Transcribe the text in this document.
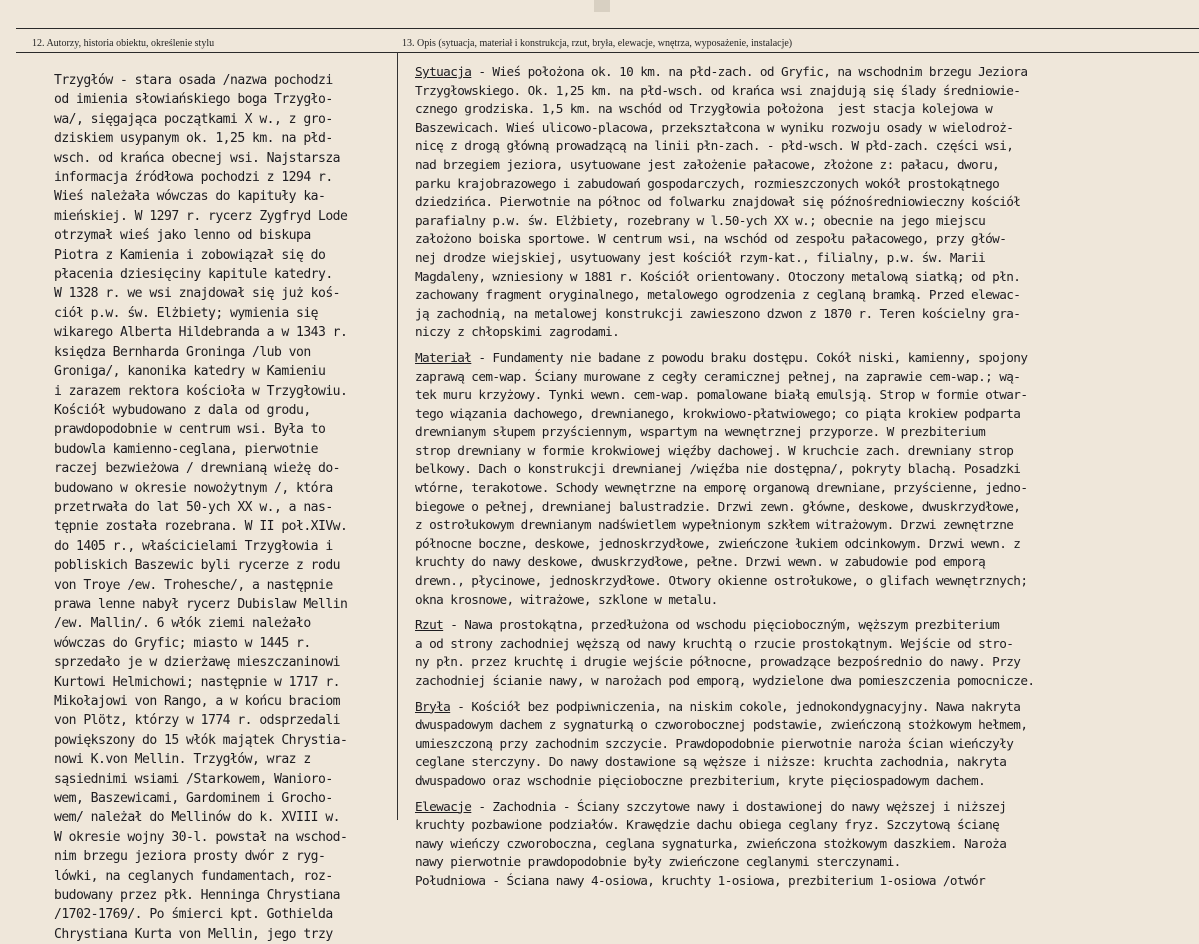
12. Autorzy, historia obiektu, określenie stylu	13. Opis (sytuacja, materiał i konstrukcja, rzut, bryła, elewacje, wnętrza, wyposażenie, instalacje)
Trzygłów - stara osada /nazwa pochodzi
od imienia słowiańskiego boga Trzygło-
wa/, sięgająca początkami X w., z gro-
dziskiem usypanym ok. 1,25 km. na płd-
wsch. od krańca obecnej wsi. Najstarsza
informacja źródłowa pochodzi z 1294 r.
Wieś należała wówczas do kapituły ka-
mieńskiej. W 1297 r. rycerz Zygfryd Lode
otrzymał wieś jako lenno od biskupa
Piotra z Kamienia i zobowiązał się do
płacenia dziesięciny kapitule katedry.
W 1328 r. we wsi znajdował się już koś-
ciół p.w. św. Elżbiety; wymienia się
wikarego Alberta Hildebranda a w 1343 r.
księdza Bernharda Groninga /lub von
Groniga/, kanonika katedry w Kamieniu
i zarazem rektora kościoła w Trzygłowiu.
Kościół wybudowano z dala od grodu,
prawdopodobnie w centrum wsi. Była to
budowla kamienno-ceglana, pierwotnie
raczej bezwieżowa / drewnianą wieżę do-
budowano w okresie nowożytnym /, która
przetrwała do lat 50-ych XX w., a nas-
tępnie została rozebrana. W II poł.XIVw.
do 1405 r., właścicielami Trzygłowia i
pobliskich Baszewic byli rycerze z rodu
von Troye /ew. Trohesche/, a następnie
prawa lenne nabył rycerz Dubislaw Mellin
/ew. Mallin/. 6 włók ziemi należało
wówczas do Gryfic; miasto w 1445 r.
sprzedało je w dzierżawę mieszczaninowi
Kurtowi Helmichowi; następnie w 1717 r.
Mikołajowi von Rango, a w końcu braciom
von Plötz, którzy w 1774 r. odsprzedali
powiększony do 15 włók majątek Chrystia-
nowi K.von Mellin. Trzygłów, wraz z
sąsiednimi wsiami /Starkowem, Wanioro-
wem, Baszewicami, Gardominem i Grocho-
wem/ należał do Mellinów do k. XVIII w.
W okresie wojny 30-l. powstał na wschod-
nim brzegu jeziora prosty dwór z ryg-
lówki, na ceglanych fundamentach, roz-
budowany przez płk. Henninga Chrystiana
/1702-1769/. Po śmierci kpt. Gothielda
Chrystiana Kurta von Mellin, jego trzy
Sytuacja - Wieś położona ok. 10 km. na płd-zach. od Gryfic, na wschodnim brzegu Jeziora
Trzygłowskiego. Ok. 1,25 km. na płd-wsch. od krańca wsi znajdują się ślady średniowie-
cznego grodziska. 1,5 km. na wschód od Trzygłowia położona  jest stacja kolejowa w
Baszewicach. Wieś ulicowo-placowa, przekształcona w wyniku rozwoju osady w wielodroż-
nicę z drogą główną prowadzącą na linii płn-zach. - płd-wsch. W płd-zach. części wsi,
nad brzegiem jeziora, usytuowane jest założenie pałacowe, złożone z: pałacu, dworu,
parku krajobrazowego i zabudowań gospodarczych, rozmieszczonych wokół prostokątnego
dziedzińca. Pierwotnie na północ od folwarku znajdował się późnośredniowieczny kościół
parafialny p.w. św. Elżbiety, rozebrany w l.50-ych XX w.; obecnie na jego miejscu
założono boiska sportowe. W centrum wsi, na wschód od zespołu pałacowego, przy głów-
nej drodze wiejskiej, usytuowany jest kościół rzym-kat., filialny, p.w. św. Marii
Magdaleny, wzniesiony w 1881 r. Kościół orientowany. Otoczony metalową siatką; od płn.
zachowany fragment oryginalnego, metalowego ogrodzenia z ceglaną bramką. Przed elewac-
ją zachodnią, na metalowej konstrukcji zawieszono dzwon z 1870 r. Teren kościelny gra-
niczy z chłopskimi zagrodami.
Materiał - Fundamenty nie badane z powodu braku dostępu. Cokół niski, kamienny, spojony
zaprawą cem-wap. Ściany murowane z cegły ceramicznej pełnej, na zaprawie cem-wap.; wą-
tek muru krzyżowy. Tynki wewn. cem-wap. pomalowane białą emulsją. Strop w formie otwar-
tego wiązania dachowego, drewnianego, krokwiowo-płatwiowego; co piąta krokiew podparta
drewnianym słupem przyściennym, wspartym na wewnętrznej przyporze. W prezbiterium
strop drewniany w formie krokwiowej więźby dachowej. W kruchcie zach. drewniany strop
belkowy. Dach o konstrukcji drewnianej /więźba nie dostępna/, pokryty blachą. Posadzki
wtórne, terakotowe. Schody wewnętrzne na emporę organową drewniane, przyścienne, jedno-
biegowe o pełnej, drewnianej balustradzie. Drzwi zewn. główne, deskowe, dwuskrzydłowe,
z ostrołukowym drewnianym nadświetlem wypełnionym szkłem witrażowym. Drzwi zewnętrzne
północne boczne, deskowe, jednoskrzydłowe, zwieńczone łukiem odcinkowym. Drzwi wewn. z
kruchty do nawy deskowe, dwuskrzydłowe, pełne. Drzwi wewn. w zabudowie pod emporą
drewn., płycinowe, jednoskrzydłowe. Otwory okienne ostrołukowe, o glifach wewnętrznych;
okna krosnowe, witrażowe, szklone w metalu.
Rzut - Nawa prostokątna, przedłużona od wschodu pięcioboczným, węższym prezbiterium
a od strony zachodniej węższą od nawy kruchtą o rzucie prostokątnym. Wejście od stro-
ny płn. przez kruchtę i drugie wejście północne, prowadzące bezpośrednio do nawy. Przy
zachodniej ścianie nawy, w narożach pod emporą, wydzielone dwa pomieszczenia pomocnicze.
Bryła - Kościół bez podpiwniczenia, na niskim cokole, jednokondygnacyjny. Nawa nakryta
dwuspadowym dachem z sygnaturką o czworobocznej podstawie, zwieńczoną stożkowym hełmem,
umieszczoną przy zachodnim szczycie. Prawdopodobnie pierwotnie naroża ścian wieńczyły
ceglane sterczyny. Do nawy dostawione są węższe i niższe: kruchta zachodnia, nakryta
dwuspadowo oraz wschodnie pięcioboczne prezbiterium, kryte pięciospadowym dachem.
Elewacje - Zachodnia - Ściany szczytowe nawy i dostawionej do nawy węższej i niższej
kruchty pozbawione podziałów. Krawędzie dachu obiega ceglany fryz. Szczytową ścianę
nawy wieńczy czworoboczna, ceglana sygnaturka, zwieńczona stożkowym daszkiem. Naroża
nawy pierwotnie prawdopodobnie były zwieńczone ceglanymi sterczynami.
Południowa - Ściana nawy 4-osiowa, kruchty 1-osiowa, prezbiterium 1-osiowa /otwór
